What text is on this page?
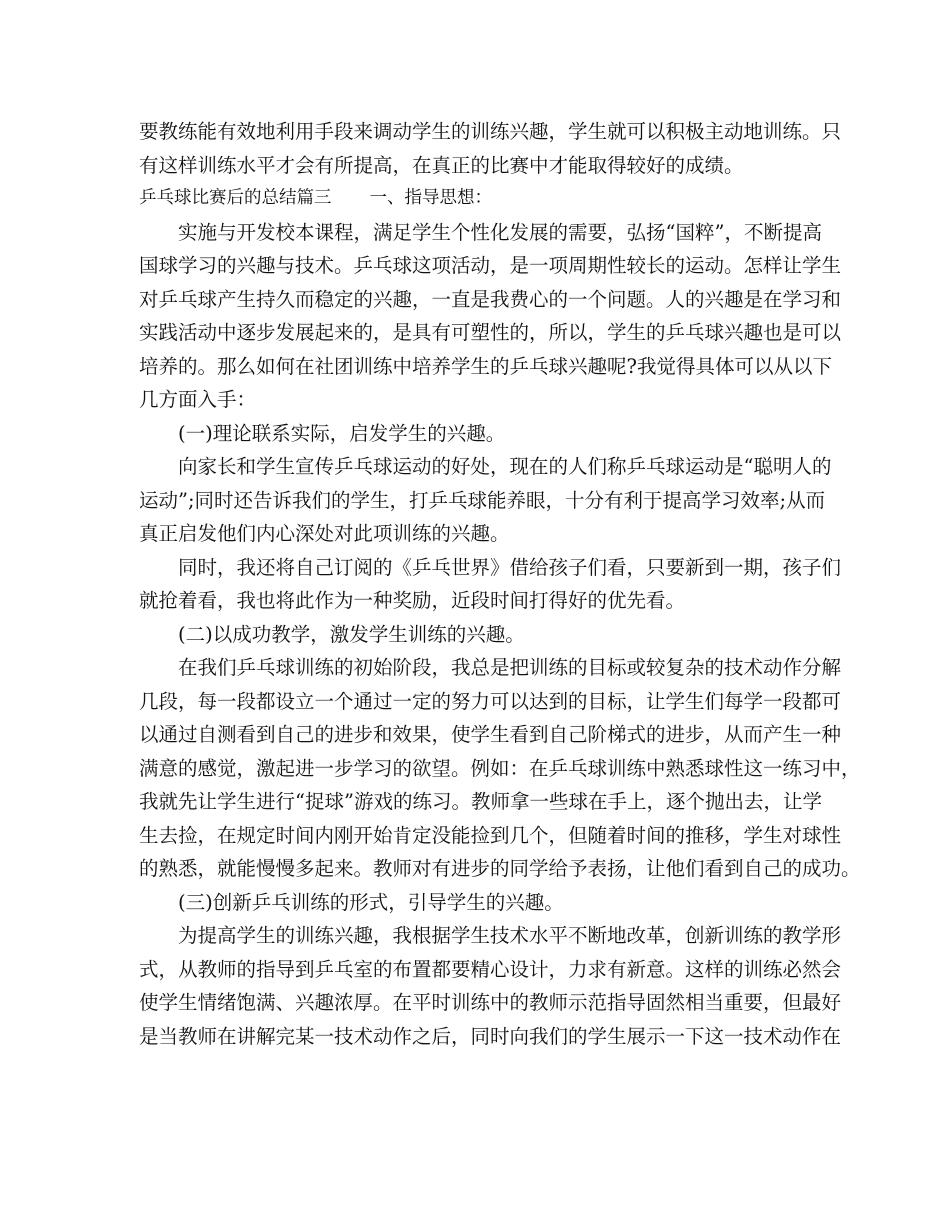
要教练能有效地利用手段来调动学生的训练兴趣，学生就可以积极主动地训练。只
有这样训练水平才会有所提高，在真正的比赛中才能取得较好的成绩。
乒乓球比赛后的总结篇三 一、指导思想：
实施与开发校本课程，满足学生个性化发展的需要，弘扬“国粹”，不断提高
国球学习的兴趣与技术。乒乓球这项活动，是一项周期性较长的运动。怎样让学生
对乒乓球产生持久而稳定的兴趣，一直是我费心的一个问题。人的兴趣是在学习和
实践活动中逐步发展起来的，是具有可塑性的，所以，学生的乒乓球兴趣也是可以
培养的。那么如何在社团训练中培养学生的乒乓球兴趣呢?我觉得具体可以从以下
几方面入手：
(一)理论联系实际，启发学生的兴趣。
向家长和学生宣传乒乓球运动的好处，现在的人们称乒乓球运动是“聪明人的
运动”;同时还告诉我们的学生，打乒乓球能养眼，十分有利于提高学习效率;从而
真正启发他们内心深处对此项训练的兴趣。
同时，我还将自己订阅的《乒乓世界》借给孩子们看，只要新到一期，孩子们
就抢着看，我也将此作为一种奖励，近段时间打得好的优先看。
(二)以成功教学，激发学生训练的兴趣。
在我们乒乓球训练的初始阶段，我总是把训练的目标或较复杂的技术动作分解
几段，每一段都设立一个通过一定的努力可以达到的目标，让学生们每学一段都可
以通过自测看到自己的进步和效果，使学生看到自己阶梯式的进步，从而产生一种
满意的感觉，激起进一步学习的欲望。例如：在乒乓球训练中熟悉球性这一练习中，
我就先让学生进行“捉球”游戏的练习。教师拿一些球在手上，逐个抛出去，让学
生去捡，在规定时间内刚开始肯定没能捡到几个，但随着时间的推移，学生对球性
的熟悉，就能慢慢多起来。教师对有进步的同学给予表扬，让他们看到自己的成功。
(三)创新乒乓训练的形式，引导学生的兴趣。
为提高学生的训练兴趣，我根据学生技术水平不断地改革，创新训练的教学形
式，从教师的指导到乒乓室的布置都要精心设计，力求有新意。这样的训练必然会
使学生情绪饱满、兴趣浓厚。在平时训练中的教师示范指导固然相当重要，但最好
是当教师在讲解完某一技术动作之后，同时向我们的学生展示一下这一技术动作在
